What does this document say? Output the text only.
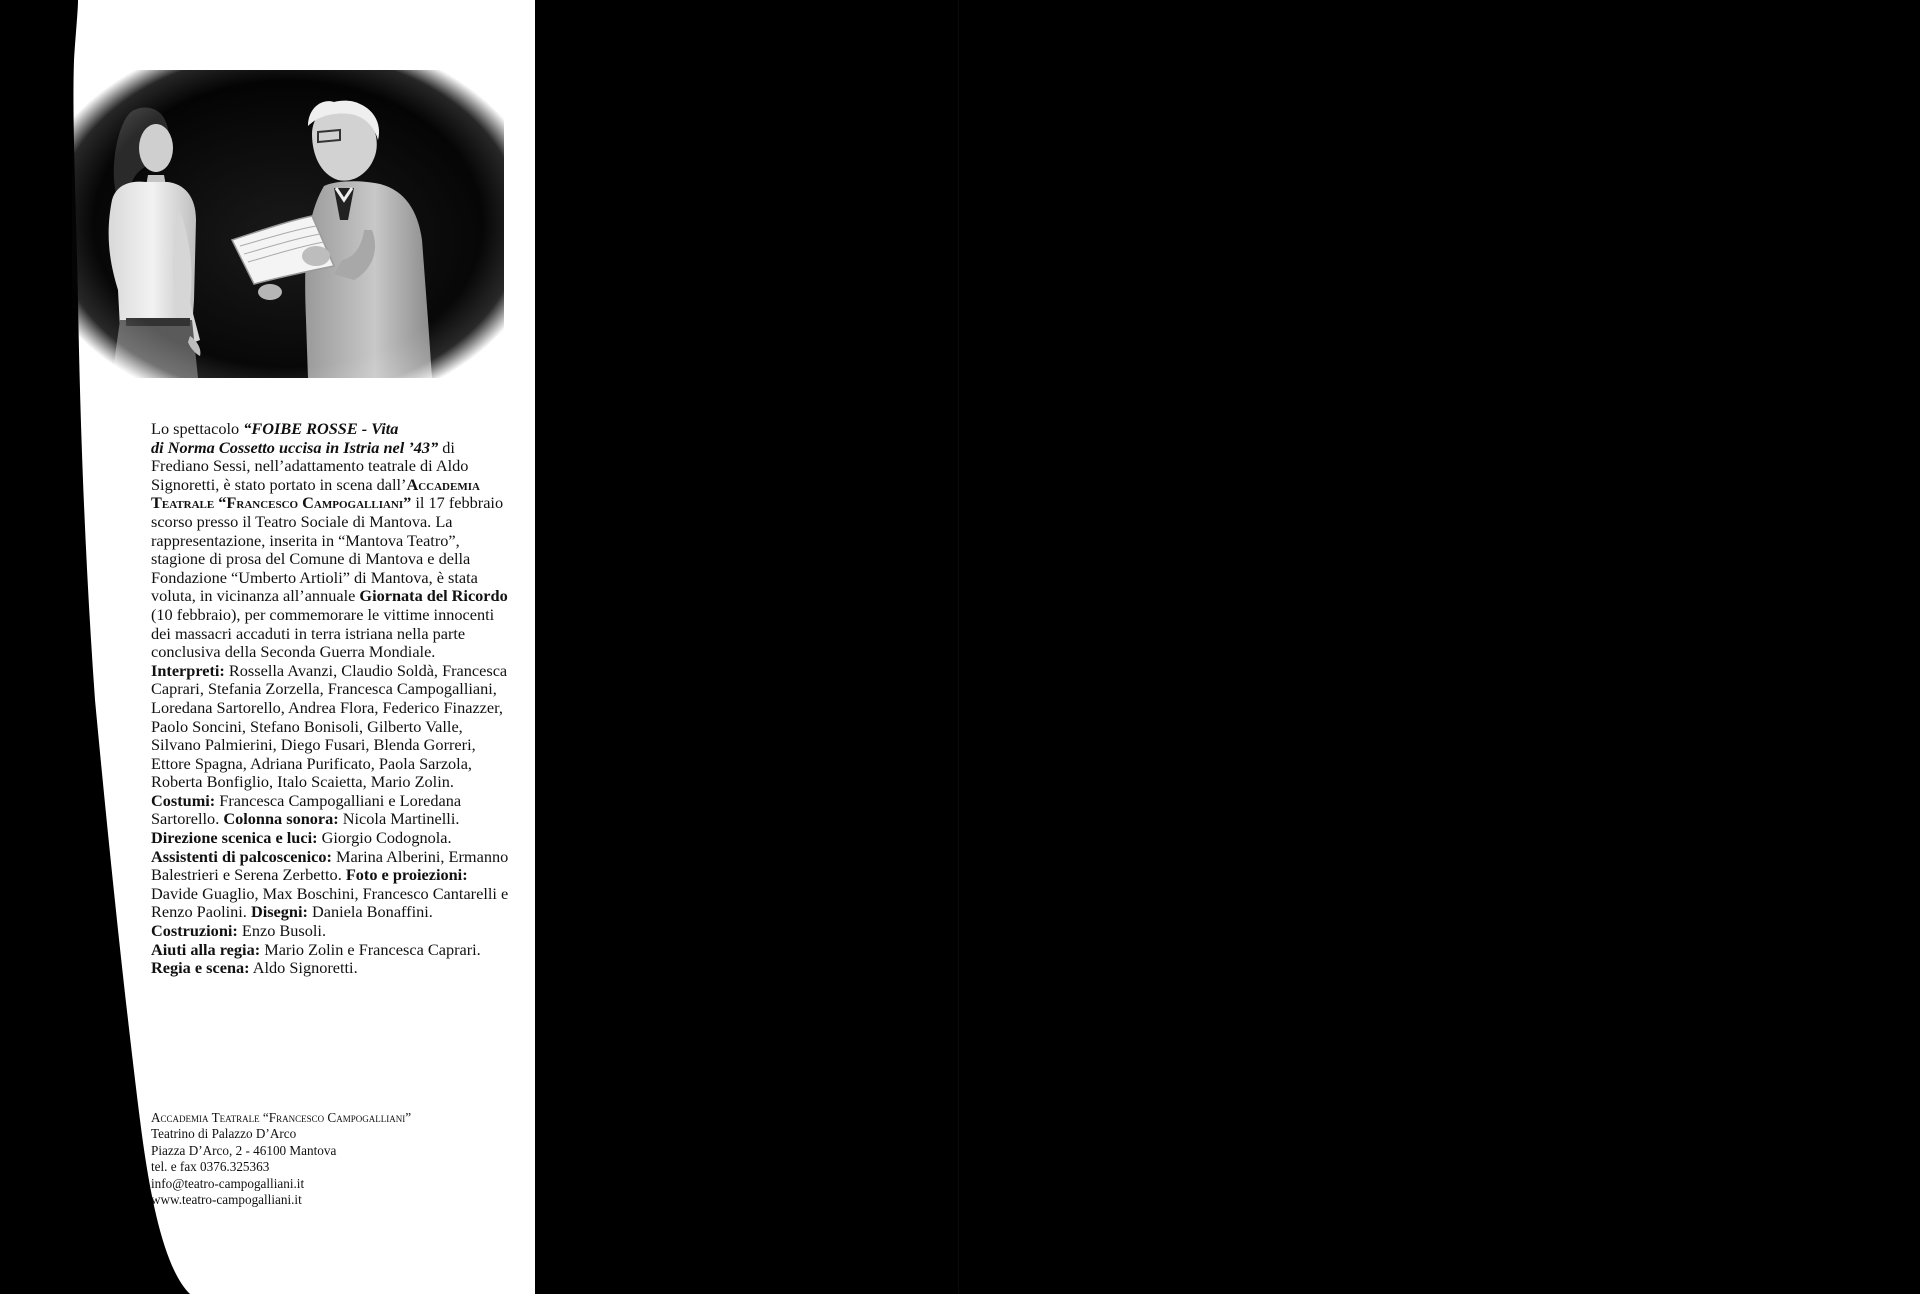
Lo spettacolo “FOIBE ROSSE - Vita
di Norma Cossetto uccisa in Istria nel ’43” di Frediano Sessi, nell’adattamento teatrale di Aldo Signoretti, è stato portato in scena dall’Accademia Teatrale “Francesco Campogalliani” il 17 febbraio scorso presso il Teatro Sociale di Mantova. La rappresentazione, inserita in “Mantova Teatro”, stagione di prosa del Comune di Mantova e della Fondazione “Umberto Artioli” di Mantova, è stata voluta, in vicinanza all’annuale Giornata del Ricordo (10 febbraio), per commemorare le vittime innocenti dei massacri accaduti in terra istriana nella parte conclusiva della Seconda Guerra Mondiale.

Interpreti: Rossella Avanzi, Claudio Soldà, Francesca Caprari, Stefania Zorzella, Francesca Campogalliani, Loredana Sartorello, Andrea Flora, Federico Finazzer, Paolo Soncini, Stefano Bonisoli, Gilberto Valle, Silvano Palmierini, Diego Fusari, Blenda Gorreri, Ettore Spagna, Adriana Purificato, Paola Sarzola, Roberta Bonfiglio, Italo Scaietta, Mario Zolin.

Costumi: Francesca Campogalliani e Loredana Sartorello. Colonna sonora: Nicola Martinelli.

Direzione scenica e luci: Giorgio Codognola.

Assistenti di palcoscenico: Marina Alberini, Ermanno Balestrieri e Serena Zerbetto. Foto e proiezioni: Davide Guaglio, Max Boschini, Francesco Cantarelli e Renzo Paolini. Disegni: Daniela Bonaffini. Costruzioni: Enzo Busoli.

Aiuti alla regia: Mario Zolin e Francesca Caprari.

Regia e scena: Aldo Signoretti.

Accademia Teatrale “Francesco Campogalliani”
Teatrino di Palazzo D’Arco
Piazza D’Arco, 2 - 46100 Mantova
tel. e fax 0376.325363
info@teatro-campogalliani.it
www.teatro-campogalliani.it
